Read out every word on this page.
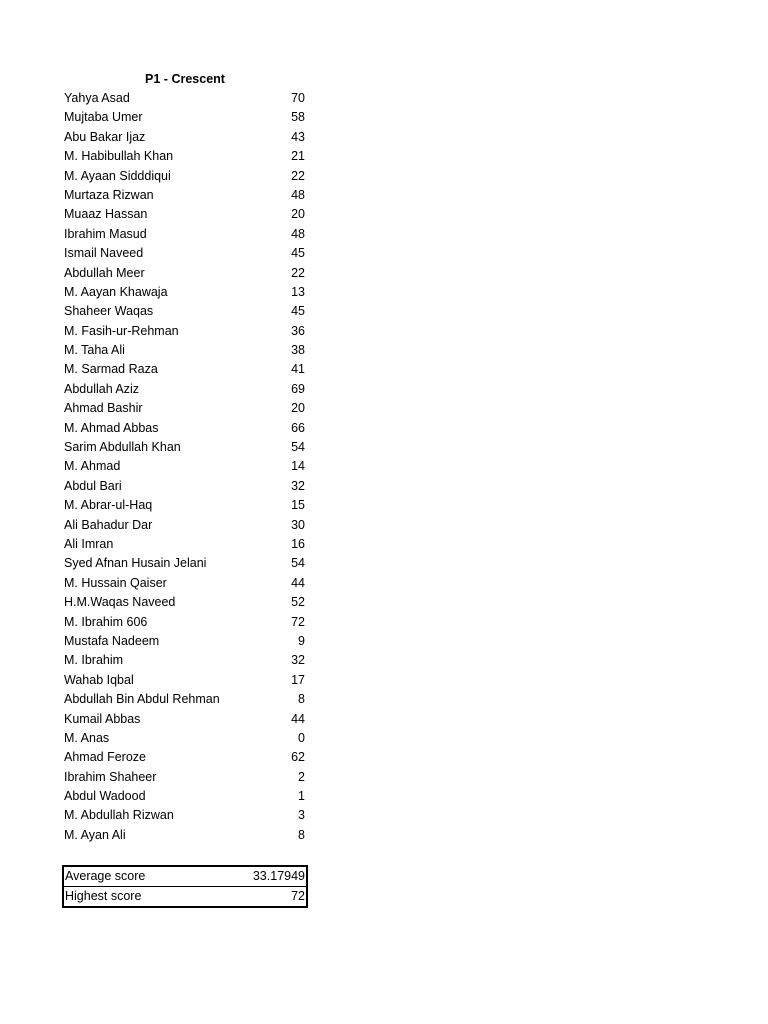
P1 - Crescent
Yahya Asad	70
Mujtaba Umer	58
Abu Bakar Ijaz	43
M. Habibullah Khan	21
M. Ayaan Sidddiqui	22
Murtaza Rizwan	48
Muaaz Hassan	20
Ibrahim Masud	48
Ismail Naveed	45
Abdullah Meer	22
M. Aayan Khawaja	13
Shaheer Waqas	45
M. Fasih-ur-Rehman	36
M. Taha Ali	38
M. Sarmad Raza	41
Abdullah Aziz	69
Ahmad Bashir	20
M. Ahmad Abbas	66
Sarim Abdullah Khan	54
M. Ahmad	14
Abdul Bari	32
M. Abrar-ul-Haq	15
Ali Bahadur Dar	30
Ali Imran	16
Syed Afnan Husain Jelani	54
M. Hussain Qaiser	44
H.M.Waqas Naveed	52
M. Ibrahim 606	72
Mustafa Nadeem	9
M. Ibrahim	32
Wahab Iqbal	17
Abdullah Bin Abdul Rehman	8
Kumail Abbas	44
M. Anas	0
Ahmad Feroze	62
Ibrahim Shaheer	2
Abdul Wadood	1
M. Abdullah Rizwan	3
M. Ayan Ali	8
Average score	33.17949
Highest score	72
